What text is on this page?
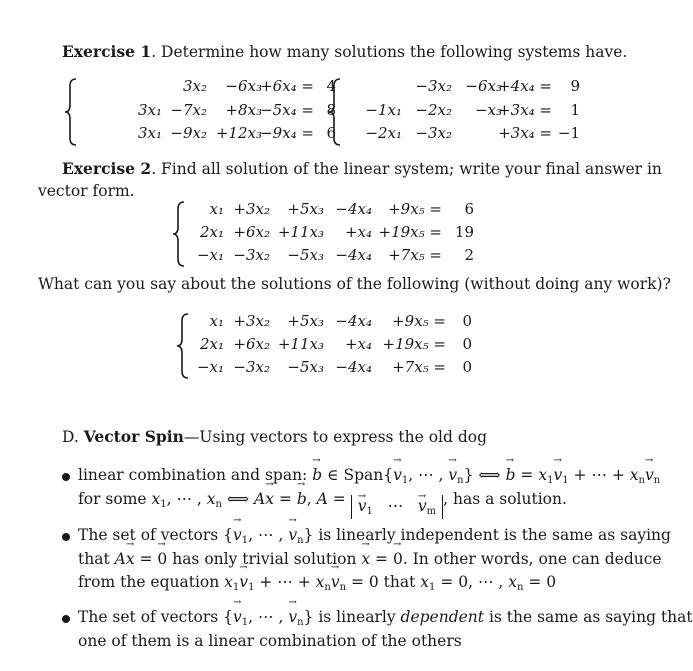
Exercise 1. Determine how many solutions the following systems have.
Exercise 2. Find all solution of the linear system; write your final answer in
vector form.
What can you say about the solutions of the following (without doing any work)?
D. Vector Spin—Using vectors to express the old dog
linear combination and span: → b ∈ Span{→ $v_1$, ⋯ , → $v_n$} ⟺ → $b = x_1\to v_1$ + ⋯ + $x_n\to v_n$
for some $x_1$, ⋯ , $x_n$ ⟺ A→ x = → b, A = → $v_1$   ⋯   → $v_m$, has a solution.
The set of vectors {→ $v_1$, ⋯ , → $v_n$} is linearly independent is the same as saying
that A→ x = → 0 has only trivial solution → x = → 0. In other words, one can deduce
from the equation $x_1\to v_1$ + ⋯ + $x_n\to v_n = 0$ that $x_1 = 0$, ⋯ , $x_n = 0$
The set of vectors {→ $v_1$, ⋯ , → $v_n$} is linearly dependent is the same as saying that
one of them is a linear combination of the others
3x₂ −6x₃
+6x₄ = 4
3x₁ −7x₂ +8x₃
−5x₄ = 8
3x₁ −9x₂ +12x₃
−9x₄ = 6
−3x₂ −6x₃
+4x₄ = 9
−1x₁ −2x₂ −x₃
+3x₄ = 1
−2x₁ −3x₂	+3x₄ = −1
x₁ +3x₂ +5x₃ −4x₄ +9x₅ = 6
2x₁ +6x₂ +11x₃ +x₄ +19x₅ = 19
−x₁ −3x₂ −5x₃ −4x₄ +7x₅ = 2
x₁ +3x₂ +5x₃ −4x₄ +9x₅ = 0
2x₁ +6x₂ +11x₃ +x₄ +19x₅ = 0
−x₁ −3x₂ −5x₃ −4x₄ +7x₅ = 0
